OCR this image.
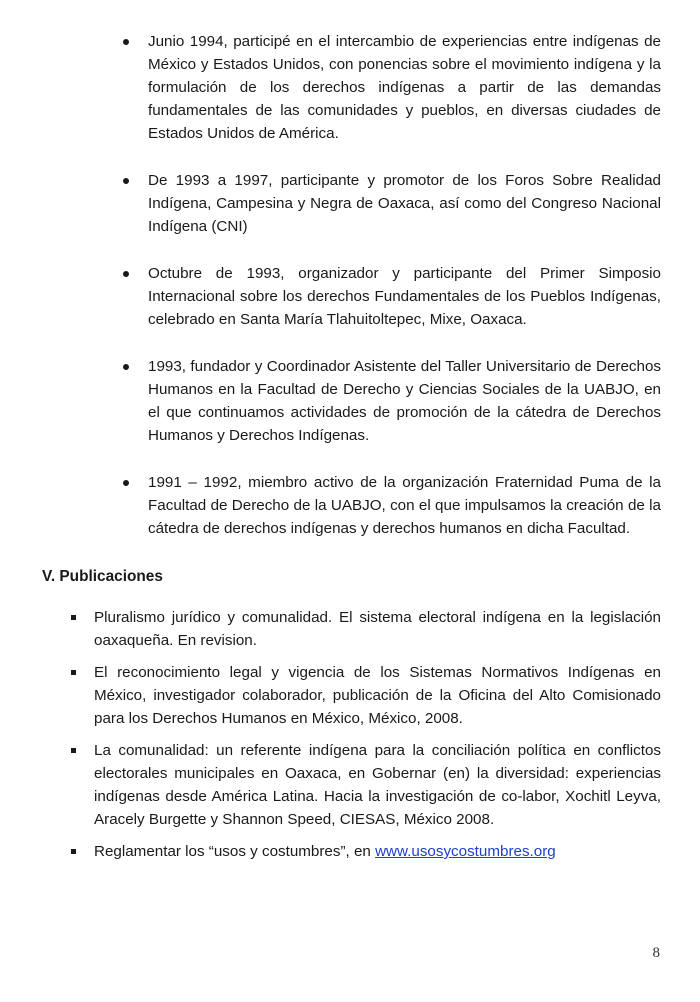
Junio 1994, participé en el intercambio de experiencias entre indígenas de México y Estados Unidos, con ponencias sobre el movimiento indígena y la formulación de los derechos indígenas a partir de las demandas fundamentales de las comunidades y pueblos, en diversas ciudades de Estados Unidos de América.
De 1993 a 1997, participante y promotor de los Foros Sobre Realidad Indígena, Campesina y Negra de Oaxaca, así como del Congreso Nacional Indígena (CNI)
Octubre de 1993, organizador y participante del Primer Simposio Internacional sobre los derechos Fundamentales de los Pueblos Indígenas, celebrado en Santa María Tlahuitoltepec, Mixe, Oaxaca.
1993, fundador y Coordinador Asistente del Taller Universitario de Derechos Humanos en la Facultad de Derecho y Ciencias Sociales de la UABJO, en el que continuamos actividades de promoción de la cátedra de Derechos Humanos y Derechos Indígenas.
1991 – 1992, miembro activo de la organización Fraternidad Puma de la Facultad de Derecho de la UABJO, con el que impulsamos la creación de la cátedra de derechos indígenas y derechos humanos en dicha Facultad.
V. Publicaciones
Pluralismo jurídico y comunalidad. El sistema electoral indígena en la legislación oaxaqueña. En revision.
El reconocimiento legal y vigencia de los Sistemas Normativos Indígenas en México, investigador colaborador, publicación de la Oficina del Alto Comisionado para los Derechos Humanos en México, México, 2008.
La comunalidad: un referente indígena para la conciliación política en conflictos electorales municipales en Oaxaca, en Gobernar (en) la diversidad: experiencias indígenas desde América Latina. Hacia la investigación de co-labor, Xochitl Leyva, Aracely Burgette y Shannon Speed, CIESAS, México 2008.
Reglamentar los “usos y costumbres”, en www.usosycostumbres.org
8
